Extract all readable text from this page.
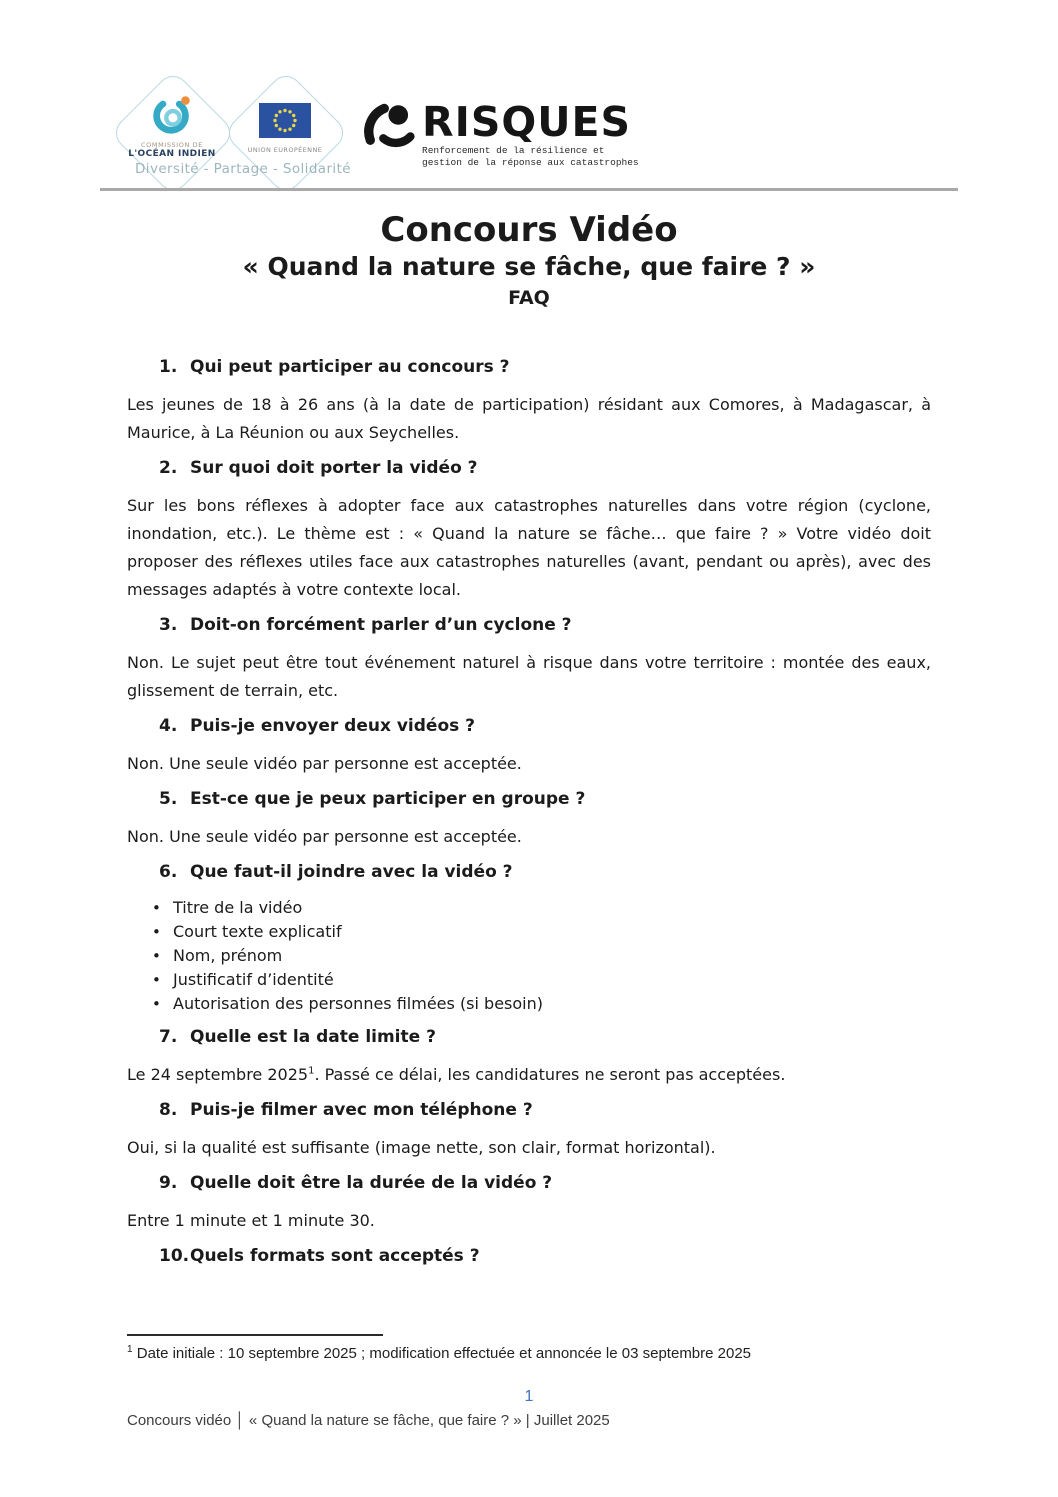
COMMISSION DE
L'OCÉAN INDIEN	UNION EUROPÉENNE
Diversité - Partage - Solidarité
RISQUES
Renforcement de la résilience et
gestion de la réponse aux catastrophes
Concours Vidéo
« Quand la nature se fâche, que faire ? »
FAQ
1. Qui peut participer au concours ?

Les jeunes de 18 à 26 ans (à la date de participation) résidant aux Comores, à Madagascar, à Maurice, à La Réunion ou aux Seychelles.

2. Sur quoi doit porter la vidéo ?

Sur les bons réflexes à adopter face aux catastrophes naturelles dans votre région (cyclone, inondation, etc.). Le thème est : « Quand la nature se fâche… que faire ? » Votre vidéo doit proposer des réflexes utiles face aux catastrophes naturelles (avant, pendant ou après), avec des messages adaptés à votre contexte local.

3. Doit-on forcément parler d’un cyclone ?

Non. Le sujet peut être tout événement naturel à risque dans votre territoire : montée des eaux, glissement de terrain, etc.

4. Puis-je envoyer deux vidéos ?

Non. Une seule vidéo par personne est acceptée.

5. Est-ce que je peux participer en groupe ?

Non. Une seule vidéo par personne est acceptée.

6. Que faut-il joindre avec la vidéo ?
• Titre de la vidéo
• Court texte explicatif
• Nom, prénom
• Justificatif d’identité
• Autorisation des personnes filmées (si besoin)
7. Quelle est la date limite ?

Le 24 septembre 2025$^1$. Passé ce délai, les candidatures ne seront pas acceptées.

8. Puis-je filmer avec mon téléphone ?

Oui, si la qualité est suffisante (image nette, son clair, format horizontal).

9. Quelle doit être la durée de la vidéo ?

Entre 1 minute et 1 minute 30.

10. Quels formats sont acceptés ?
$^1$ Date initiale : 10 septembre 2025 ; modification effectuée et annoncée le 03 septembre 2025
1
Concours vidéo │ « Quand la nature se fâche, que faire ? » | Juillet 2025
